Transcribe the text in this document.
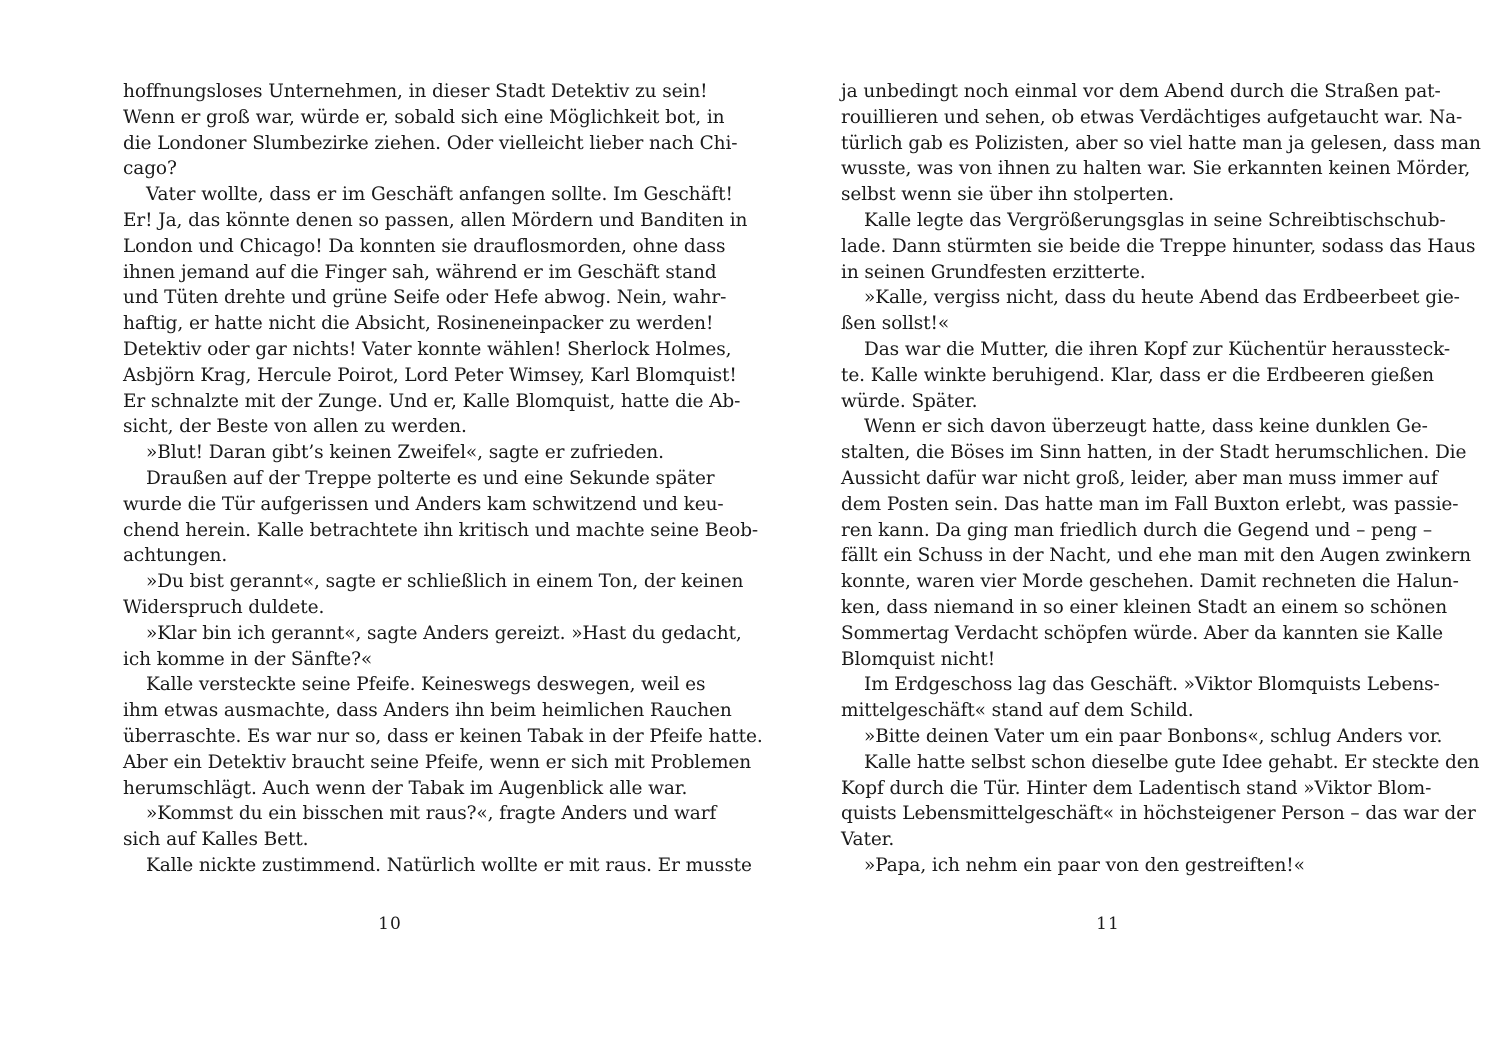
hoffnungsloses Unternehmen, in dieser Stadt Detektiv zu sein!
Wenn er groß war, würde er, sobald sich eine Möglichkeit bot, in
die Londoner Slumbezirke ziehen. Oder vielleicht lieber nach Chi-
cago?
Vater wollte, dass er im Geschäft anfangen sollte. Im Geschäft!
Er! Ja, das könnte denen so passen, allen Mördern und Banditen in
London und Chicago! Da konnten sie drauflosmorden, ohne dass
ihnen jemand auf die Finger sah, während er im Geschäft stand
und Tüten drehte und grüne Seife oder Hefe abwog. Nein, wahr-
haftig, er hatte nicht die Absicht, Rosineneinpacker zu werden!
Detektiv oder gar nichts! Vater konnte wählen! Sherlock Holmes,
Asbjörn Krag, Hercule Poirot, Lord Peter Wimsey, Karl Blomquist!
Er schnalzte mit der Zunge. Und er, Kalle Blomquist, hatte die Ab-
sicht, der Beste von allen zu werden.
»Blut! Daran gibt’s keinen Zweifel«, sagte er zufrieden.
Draußen auf der Treppe polterte es und eine Sekunde später
wurde die Tür aufgerissen und Anders kam schwitzend und keu-
chend herein. Kalle betrachtete ihn kritisch und machte seine Beob-
achtungen.
»Du bist gerannt«, sagte er schließlich in einem Ton, der keinen
Widerspruch duldete.
»Klar bin ich gerannt«, sagte Anders gereizt. »Hast du gedacht,
ich komme in der Sänfte?«
Kalle versteckte seine Pfeife. Keineswegs deswegen, weil es
ihm etwas ausmachte, dass Anders ihn beim heimlichen Rauchen
überraschte. Es war nur so, dass er keinen Tabak in der Pfeife hatte.
Aber ein Detektiv braucht seine Pfeife, wenn er sich mit Problemen
herumschlägt. Auch wenn der Tabak im Augenblick alle war.
»Kommst du ein bisschen mit raus?«, fragte Anders und warf
sich auf Kalles Bett.
Kalle nickte zustimmend. Natürlich wollte er mit raus. Er musste
ja unbedingt noch einmal vor dem Abend durch die Straßen pat-
rouillieren und sehen, ob etwas Verdächtiges aufgetaucht war. Na-
türlich gab es Polizisten, aber so viel hatte man ja gelesen, dass man
wusste, was von ihnen zu halten war. Sie erkannten keinen Mörder,
selbst wenn sie über ihn stolperten.
Kalle legte das Vergrößerungsglas in seine Schreibtischschub-
lade. Dann stürmten sie beide die Treppe hinunter, sodass das Haus
in seinen Grundfesten erzitterte.
»Kalle, vergiss nicht, dass du heute Abend das Erdbeerbeet gie-
ßen sollst!«
Das war die Mutter, die ihren Kopf zur Küchentür heraussteck-
te. Kalle winkte beruhigend. Klar, dass er die Erdbeeren gießen
würde. Später.
Wenn er sich davon überzeugt hatte, dass keine dunklen Ge-
stalten, die Böses im Sinn hatten, in der Stadt herumschlichen. Die
Aussicht dafür war nicht groß, leider, aber man muss immer auf
dem Posten sein. Das hatte man im Fall Buxton erlebt, was passie-
ren kann. Da ging man friedlich durch die Gegend und – peng –
fällt ein Schuss in der Nacht, und ehe man mit den Augen zwinkern
konnte, waren vier Morde geschehen. Damit rechneten die Halun-
ken, dass niemand in so einer kleinen Stadt an einem so schönen
Sommertag Verdacht schöpfen würde. Aber da kannten sie Kalle
Blomquist nicht!
Im Erdgeschoss lag das Geschäft. »Viktor Blomquists Lebens-
mittelgeschäft« stand auf dem Schild.
»Bitte deinen Vater um ein paar Bonbons«, schlug Anders vor.
Kalle hatte selbst schon dieselbe gute Idee gehabt. Er steckte den
Kopf durch die Tür. Hinter dem Ladentisch stand »Viktor Blom-
quists Lebensmittelgeschäft« in höchsteigener Person – das war der
Vater.
»Papa, ich nehm ein paar von den gestreiften!«
10	11
